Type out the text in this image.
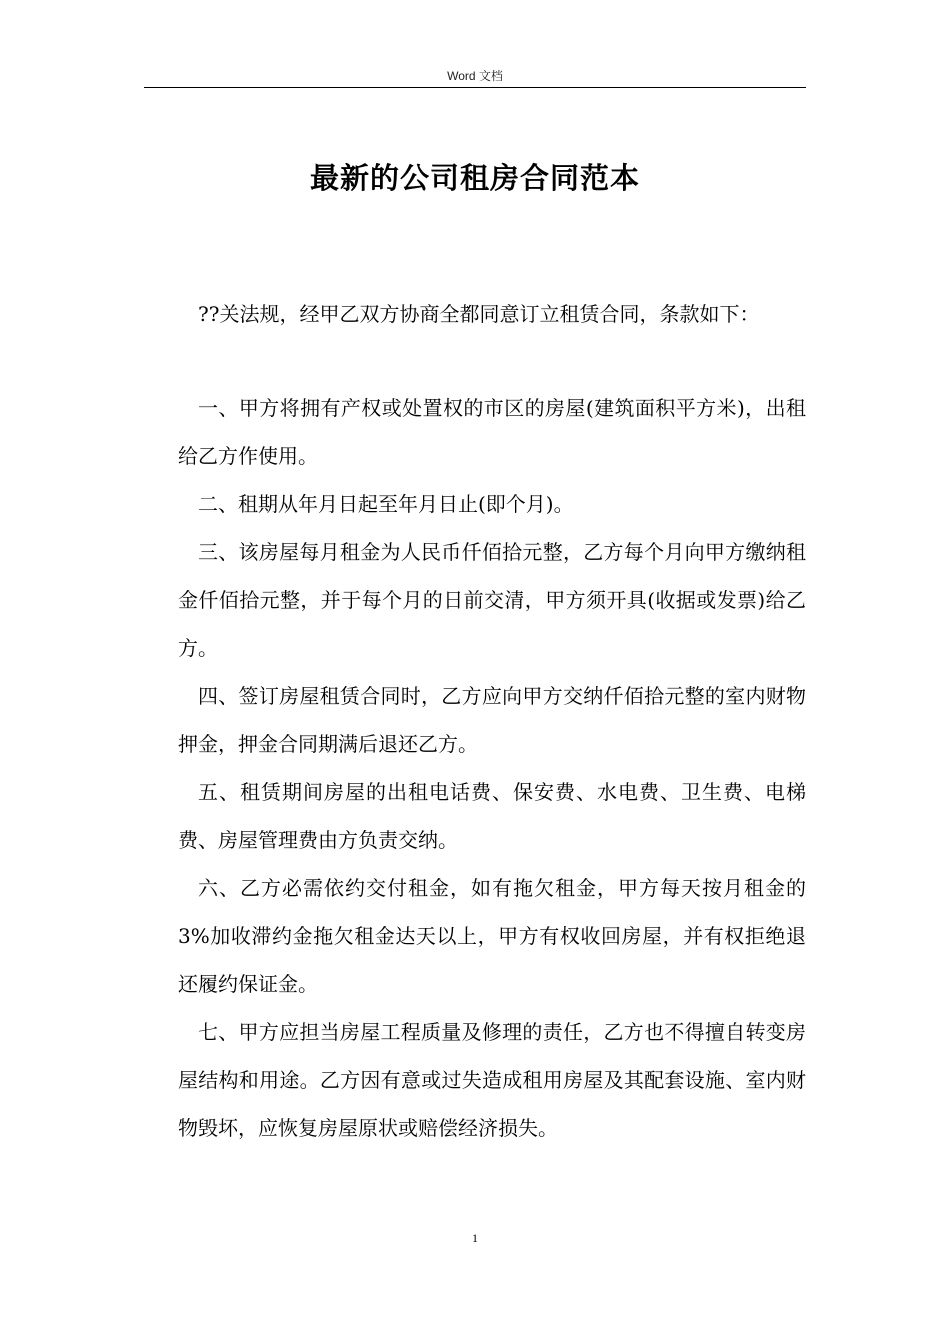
Word 文档
最新的公司租房合同范本

??关法规，经甲乙双方协商全都同意订立租赁合同，条款如下：

一、甲方将拥有产权或处置权的市区的房屋(建筑面积平方米)，出租给乙方作使用。

二、租期从年月日起至年月日止(即个月)。

三、该房屋每月租金为人民币仟佰拾元整，乙方每个月向甲方缴纳租金仟佰拾元整，并于每个月的日前交清，甲方须开具(收据或发票)给乙方。

四、签订房屋租赁合同时，乙方应向甲方交纳仟佰拾元整的室内财物押金，押金合同期满后退还乙方。

五、租赁期间房屋的出租电话费、保安费、水电费、卫生费、电梯费、房屋管理费由方负责交纳。

六、乙方必需依约交付租金，如有拖欠租金，甲方每天按月租金的3%加收滞约金拖欠租金达天以上，甲方有权收回房屋，并有权拒绝退还履约保证金。

七、甲方应担当房屋工程质量及修理的责任，乙方也不得擅自转变房屋结构和用途。乙方因有意或过失造成租用房屋及其配套设施、室内财物毁坏，应恢复房屋原状或赔偿经济损失。

1
